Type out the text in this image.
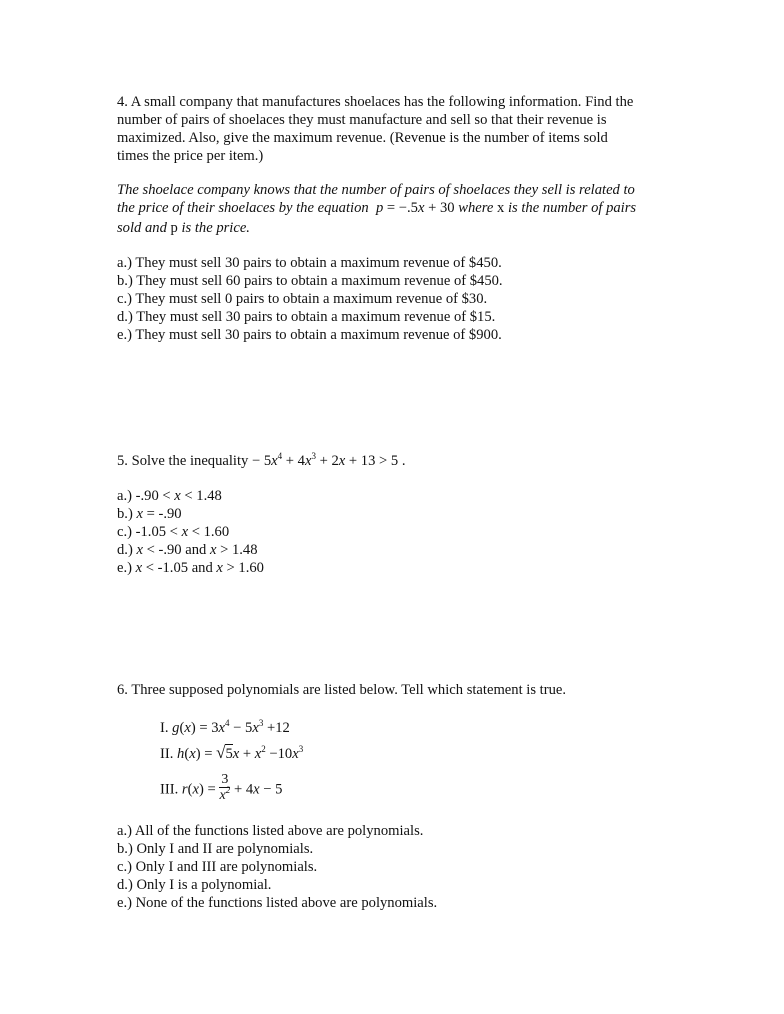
4. A small company that manufactures shoelaces has the following information. Find the
number of pairs of shoelaces they must manufacture and sell so that their revenue is
maximized. Also, give the maximum revenue. (Revenue is the number of items sold
times the price per item.)
The shoelace company knows that the number of pairs of shoelaces they sell is related to
the price of their shoelaces by the equation p = −.5x + 30 where x is the number of pairs
sold and p is the price.
a.) They must sell 30 pairs to obtain a maximum revenue of $450.
b.) They must sell 60 pairs to obtain a maximum revenue of $450.
c.) They must sell 0 pairs to obtain a maximum revenue of $30.
d.) They must sell 30 pairs to obtain a maximum revenue of $15.
e.) They must sell 30 pairs to obtain a maximum revenue of $900.
5. Solve the inequality − $5x^4 + 4x^3 + 2x + 13 > 5$ .
a.) -.90 < x < 1.48
b.) x = -.90
c.) -1.05 < x < 1.60
d.) x < -.90 and x > 1.48
e.) x < -1.05 and x > 1.60
6. Three supposed polynomials are listed below. Tell which statement is true.
I. $g(x) = 3x^4 - 5x^3 +12$
II. $h(x) = √5x + x^2 -10x^3$
III. $r(x) = \frac{3}{x^2} + 4x - 5$
a.) All of the functions listed above are polynomials.
b.) Only I and II are polynomials.
c.) Only I and III are polynomials.
d.) Only I is a polynomial.
e.) None of the functions listed above are polynomials.
